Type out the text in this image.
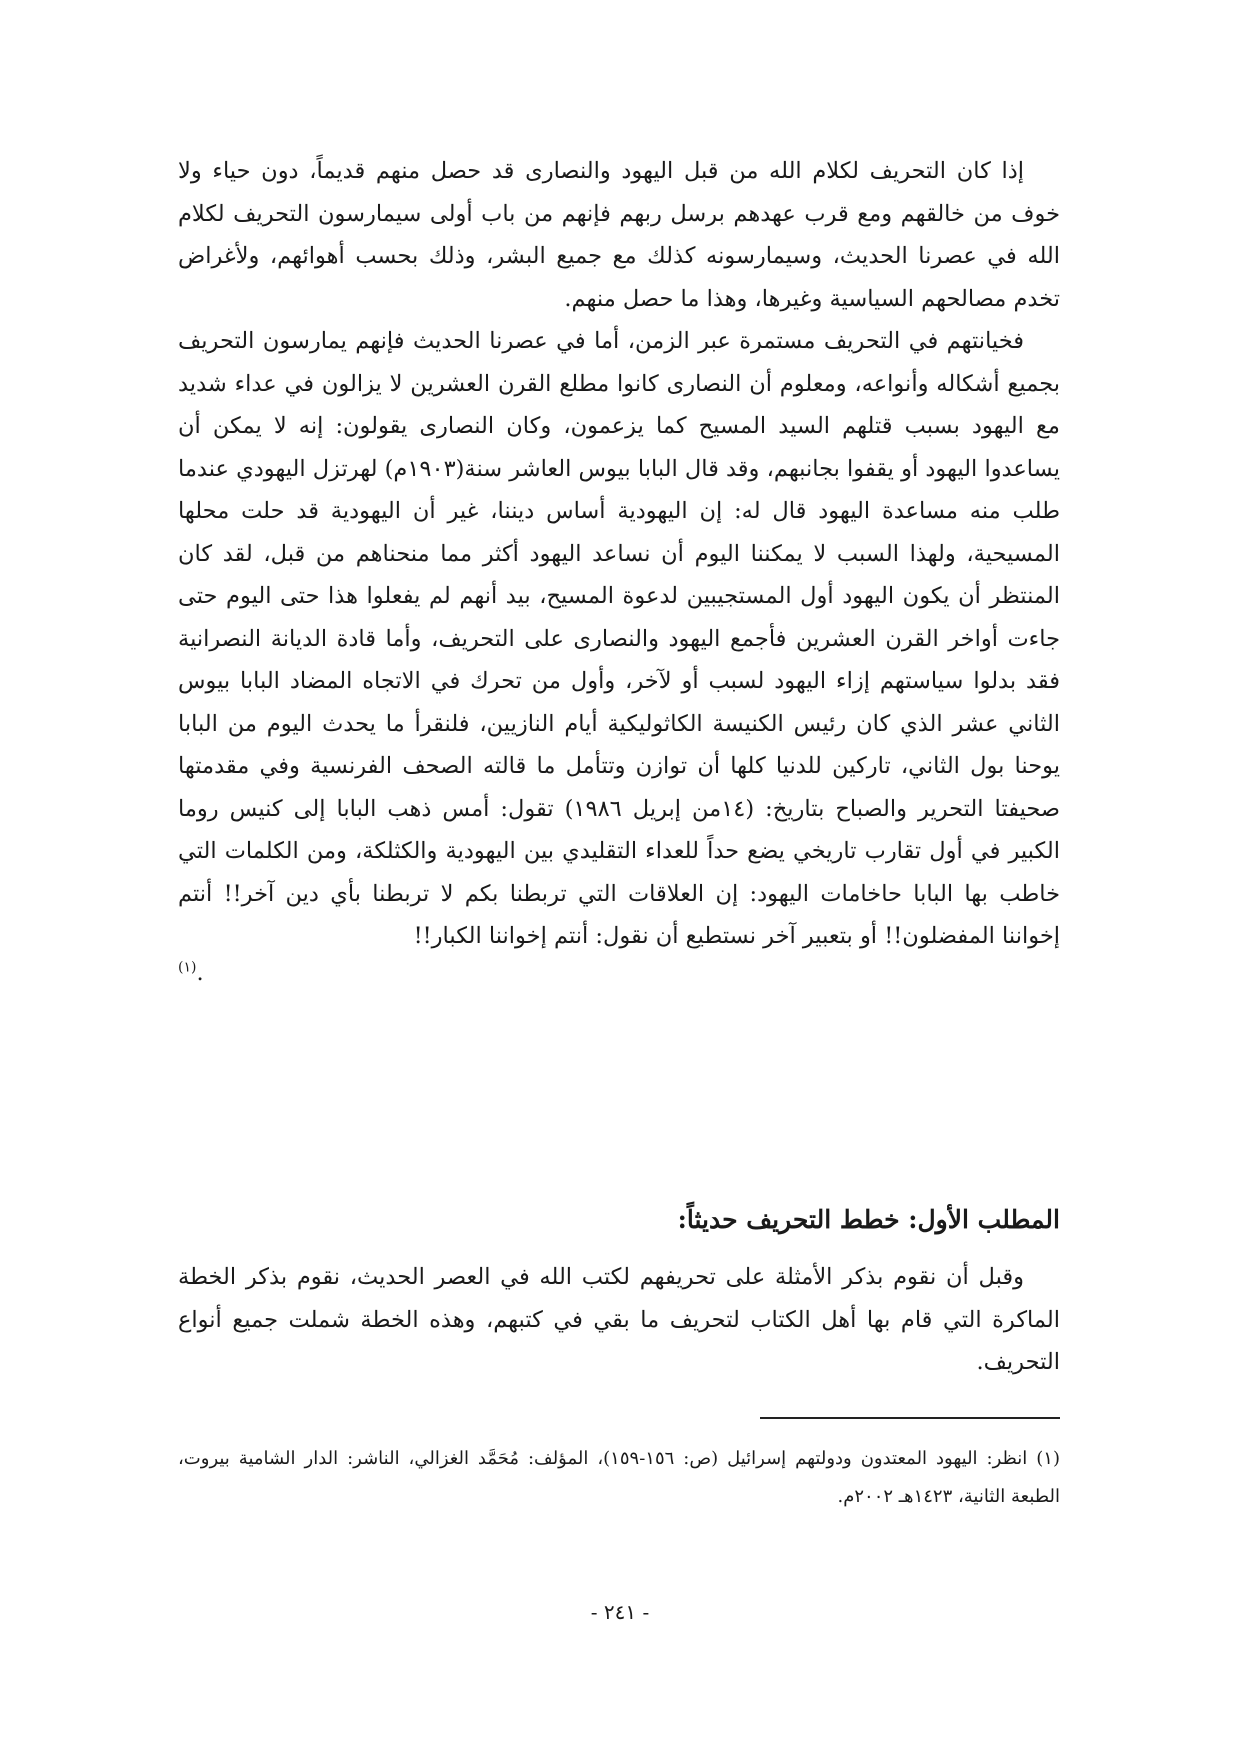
إذا كان التحريف لكلام الله من قبل اليهود والنصارى قد حصل منهم قديماً، دون حياء ولا خوف من خالقهم ومع قرب عهدهم برسل ربهم فإنهم من باب أولى سيمارسون التحريف لكلام الله في عصرنا الحديث، وسيمارسونه كذلك مع جميع البشر، وذلك بحسب أهوائهم، ولأغراض تخدم مصالحهم السياسية وغيرها، وهذا ما حصل منهم.

فخيانتهم في التحريف مستمرة عبر الزمن، أما في عصرنا الحديث فإنهم يمارسون التحريف بجميع أشكاله وأنواعه، ومعلوم أن النصارى كانوا مطلع القرن العشرين لا يزالون في عداء شديد مع اليهود بسبب قتلهم السيد المسيح كما يزعمون، وكان النصارى يقولون: إنه لا يمكن أن يساعدوا اليهود أو يقفوا بجانبهم، وقد قال البابا بيوس العاشر سنة(١٩٠٣م) لهرتزل اليهودي عندما طلب منه مساعدة اليهود قال له: إن اليهودية أساس ديننا، غير أن اليهودية قد حلت محلها المسيحية، ولهذا السبب لا يمكننا اليوم أن نساعد اليهود أكثر مما منحناهم من قبل، لقد كان المنتظر أن يكون اليهود أول المستجيبين لدعوة المسيح، بيد أنهم لم يفعلوا هذا حتى اليوم حتى جاءت أواخر القرن العشرين فأجمع اليهود والنصارى على التحريف، وأما قادة الديانة النصرانية فقد بدلوا سياستهم إزاء اليهود لسبب أو لآخر، وأول من تحرك في الاتجاه المضاد البابا بيوس الثاني عشر الذي كان رئيس الكنيسة الكاثوليكية أيام النازيين، فلنقرأ ما يحدث اليوم من البابا يوحنا بول الثاني، تاركين للدنيا كلها أن توازن وتتأمل ما قالته الصحف الفرنسية وفي مقدمتها صحيفتا التحرير والصباح بتاريخ: (١٤من إبريل ١٩٨٦) تقول: أمس ذهب البابا إلى كنيس روما الكبير في أول تقارب تاريخي يضع حداً للعداء التقليدي بين اليهودية والكثلكة، ومن الكلمات التي خاطب بها البابا حاخامات اليهود: إن العلاقات التي تربطنا بكم لا تربطنا بأي دين آخر!! أنتم إخواننا المفضلون!! أو بتعبير آخر نستطيع أن نقول: أنتم إخواننا الكبار!!

.$^{(١)}$

المطلب الأول: خطط التحريف حديثاً:

وقبل أن نقوم بذكر الأمثلة على تحريفهم لكتب الله في العصر الحديث، نقوم بذكر الخطة الماكرة التي قام بها أهل الكتاب لتحريف ما بقي في كتبهم، وهذه الخطة شملت جميع أنواع التحريف.

(١) انظر: اليهود المعتدون ودولتهم إسرائيل (ص: ١٥٦-١٥٩)، المؤلف: مُحَمَّد الغزالي، الناشر: الدار الشامية بيروت، الطبعة الثانية، ١٤٢٣هـ ٢٠٠٢م.

- ٢٤١ -
